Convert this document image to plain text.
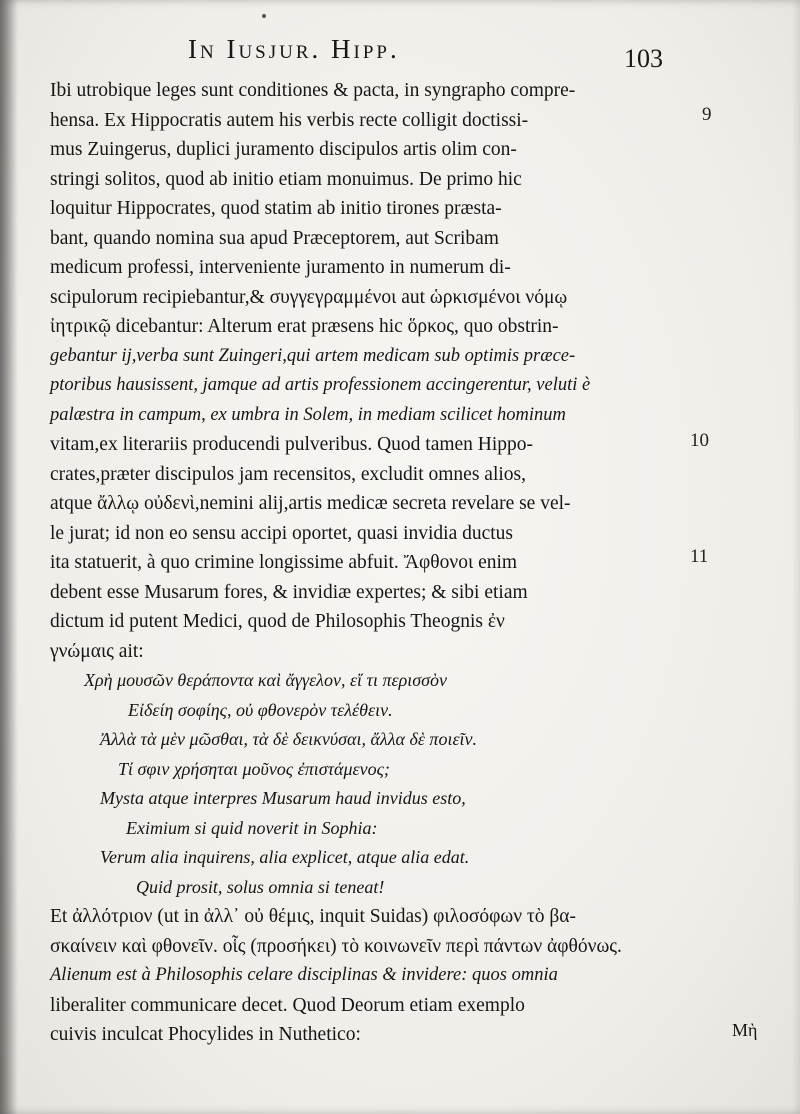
In Iusjur. Hipp.	103
Ibi utrobique leges sunt conditiones & pacta, in syngrapho compre-
hensa. Ex Hippocratis autem his verbis recte colligit doctissi-
mus Zuingerus, duplici juramento discipulos artis olim con-
stringi solitos, quod ab initio etiam monuimus. De primo hic
loquitur Hippocrates, quod statim ab initio tirones præsta-
bant, quando nomina sua apud Præceptorem, aut Scribam
medicum professi, interveniente juramento in numerum di-
scipulorum recipiebantur,& συγγεγραμμένοι aut ὡρκισμένοι νόμῳ
ἰητρικῷ dicebantur: Alterum erat præsens hic ὅρκος, quo obstrin-
gebantur ij,verba sunt Zuingeri,qui artem medicam sub optimis præce-
ptoribus hausissent, jamque ad artis professionem accingerentur, veluti è
palæstra in campum, ex umbra in Solem, in mediam scilicet hominum
vitam,ex literariis producendi pulveribus. Quod tamen Hippo-
crates,præter discipulos jam recensitos, excludit omnes alios,
atque ἄλλῳ οὐδενὶ,nemini alij,artis medicæ secreta revelare se vel-
le jurat; id non eo sensu accipi oportet, quasi invidia ductus
ita statuerit, à quo crimine longissime abfuit. Ἄφθονοι enim
debent esse Musarum fores, & invidiæ expertes; & sibi etiam
dictum id putent Medici, quod de Philosophis Theognis ἐν
γνώμαις ait:
Χρὴ μουσῶν θεράποντα καὶ ἄγγελον, εἴ τι περισσὸν
Εἰδείη σοφίης, οὐ φθονερὸν τελέθειν.
Ἀλλὰ τὰ μὲν μῶσθαι, τὰ δὲ δεικνύσαι, ἄλλα δὲ ποιεῖν.
Τί σφιν χρήσηται μοῦνος ἐπιστάμενος;
Mysta atque interpres Musarum haud invidus esto,
Eximium si quid noverit in Sophia:
Verum alia inquirens, alia explicet, atque alia edat.
Quid prosit, solus omnia si teneat!
Et ἀλλότριον (ut in ἀλλ᾽ οὐ θέμις, inquit Suidas) φιλοσόφων τὸ βα-
σκαίνειν καὶ φθονεῖν. οἷς (προσήκει) τὸ κοινωνεῖν περὶ πάντων ἀφθόνως.
Alienum est à Philosophis celare disciplinas & invidere: quos omnia
liberaliter communicare decet. Quod Deorum etiam exemplo
cuivis inculcat Phocylides in Nuthetico:
9
10
11
Μὴ
